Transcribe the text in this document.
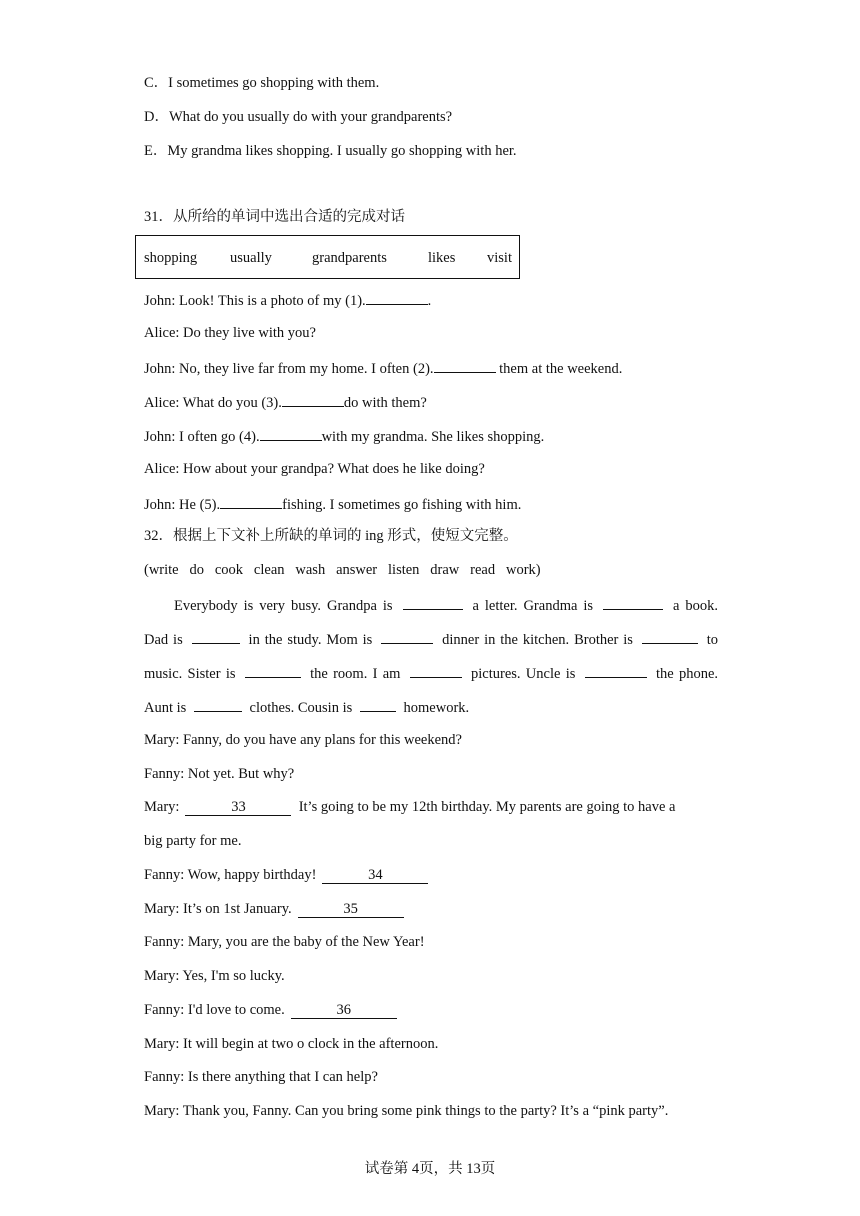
C．I sometimes go shopping with them.
D．What do you usually do with your grandparents?
E．My grandma likes shopping. I usually go shopping with her.
31．从所给的单词中选出合适的完成对话
shopping usually	grandparents	likes visit
John: Look! This is a photo of my (1).	.
Alice: Do they live with you?
John: No, they live far from my home. I often (2).	them at the weekend.
Alice: What do you (3).	do with them?
John: I often go (4).	with my grandma. She likes shopping.
Alice: How about your grandpa? What does he like doing?
John: He (5).	fishing. I sometimes go fishing with him.
32．根据上下文补上所缺的单词的 ing 形式，使短文完整。
(write   do   cook   clean   wash   answer   listen   draw   read   work)
Everybody is very busy. Grandpa is	a letter. Grandma is	a book.
Dad is	in the study. Mom is	dinner in the kitchen. Brother is	to
music. Sister is	the room. I am	pictures. Uncle is	the phone.
Aunt is	clothes. Cousin is	homework.
Mary: Fanny, do you have any plans for this weekend?
Fanny: Not yet. But why?
Mary:	33	It’s going to be my 12th birthday. My parents are going to have a
big party for me.
Fanny: Wow, happy birthday!	34
Mary: It’s on 1st January.	35
Fanny: Mary, you are the baby of the New Year!
Mary: Yes, I'm so lucky.
Fanny: I'd love to come.	36
Mary: It will begin at two o clock in the afternoon.
Fanny: Is there anything that I can help?
Mary: Thank you, Fanny. Can you bring some pink things to the party? It’s a “pink party”.
试卷第 4页，共 13页
